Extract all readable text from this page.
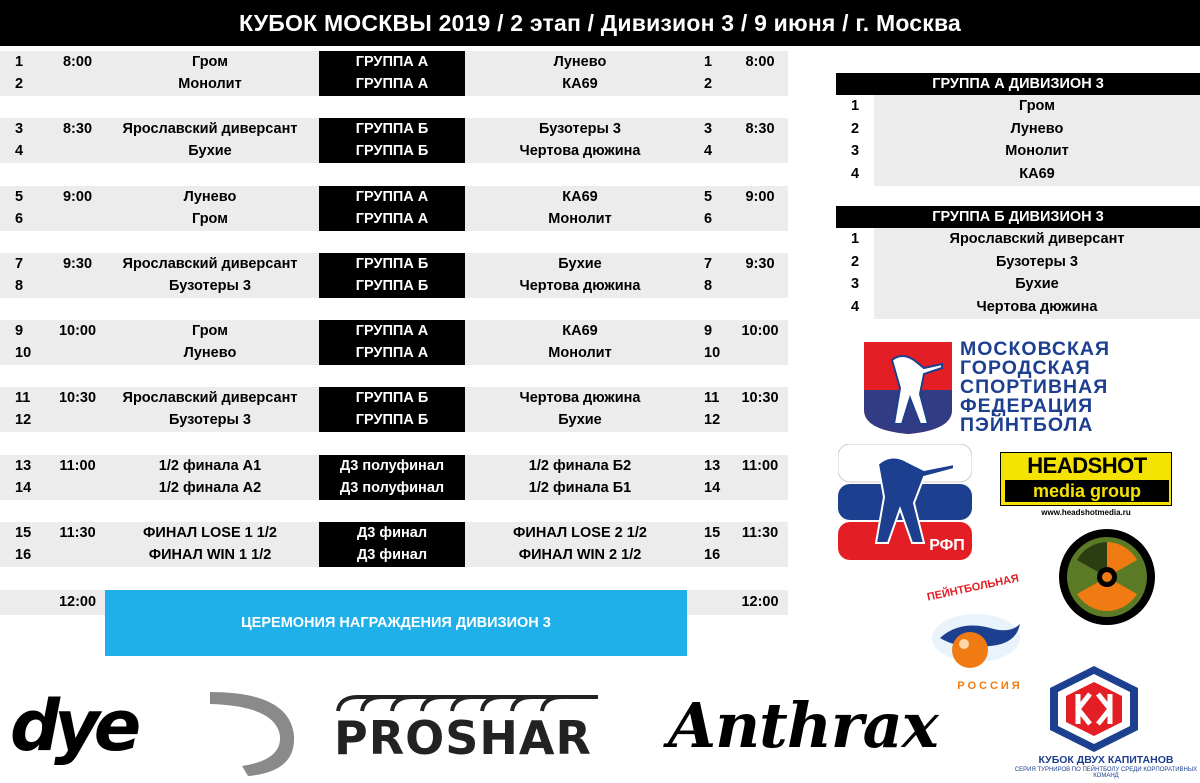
КУБОК МОСКВЫ 2019 / 2 этап / Дивизион 3 / 9 июня / г. Москва
1	8:00	Гром	ГРУППА А	Лунево	1	8:00
2	Монолит	ГРУППА А	КА69	2
3	8:30	Ярославский диверсант	ГРУППА Б	Бузотеры 3	3	8:30
4	Бухие	ГРУППА Б	Чертова дюжина	4
5	9:00	Лунево	ГРУППА А	КА69	5	9:00
6	Гром	ГРУППА А	Монолит	6
7	9:30	Ярославский диверсант	ГРУППА Б	Бухие	7	9:30
8	Бузотеры 3	ГРУППА Б	Чертова дюжина	8
9	10:00	Гром	ГРУППА А	КА69	9	10:00
10	Лунево	ГРУППА А	Монолит	10
11	10:30	Ярославский диверсант	ГРУППА Б	Чертова дюжина	11	10:30
12	Бузотеры 3	ГРУППА Б	Бухие	12
13	11:00	1/2 финала А1	Д3 полуфинал	1/2 финала Б2	13	11:00
14	1/2 финала А2	Д3 полуфинал	1/2 финала Б1	14
15	11:30	ФИНАЛ LOSE 1 1/2	Д3 финал	ФИНАЛ LOSE 2 1/2	15	11:30
16	ФИНАЛ WIN 1 1/2	Д3 финал	ФИНАЛ WIN 2 1/2	16
12:00	12:00
ЦЕРЕМОНИЯ НАГРАЖДЕНИЯ ДИВИЗИОН 3
ГРУППА А ДИВИЗИОН 3
1	Гром
2	Лунево
3	Монолит
4	КА69
ГРУППА Б ДИВИЗИОН 3
1	Ярославский диверсант
2	Бузотеры 3
3	Бухие
4	Чертова дюжина
МОСКОВСКАЯ
ГОРОДСКАЯ
СПОРТИВНАЯ
ФЕДЕРАЦИЯ
ПЭЙНТБОЛА
РФП
HEADSHOT
media group
www.headshotmedia.ru
ПЕЙНТБОЛЬНАЯ
РОССИЯ
КУБОК ДВУХ КАПИТАНОВ
СЕРИЯ ТУРНИРОВ ПО ПЕЙНТБОЛУ СРЕДИ КОРПОРАТИВНЫХ КОМАНД
dye	PROSHAR Anthrax
